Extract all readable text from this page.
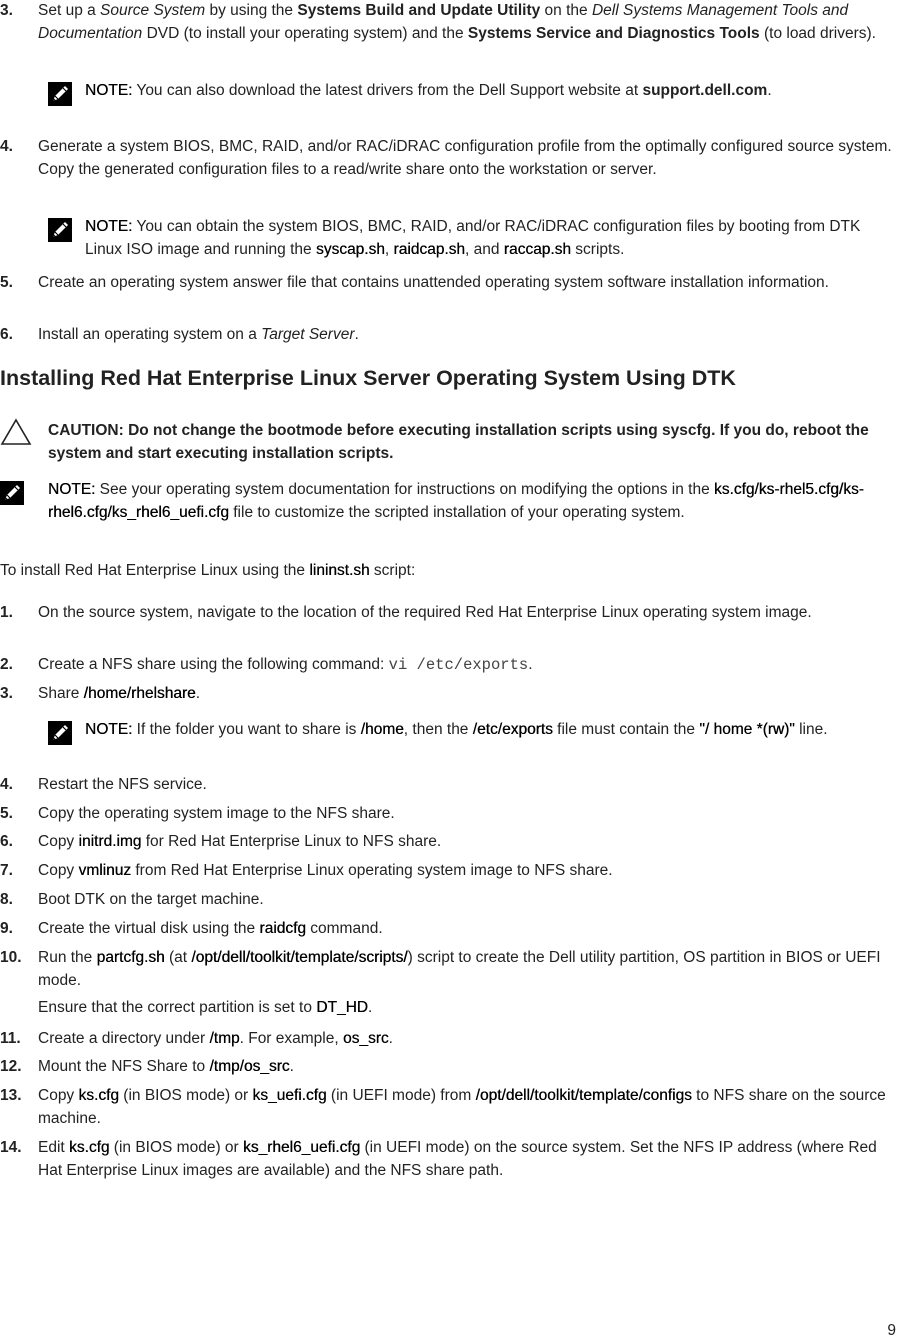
3. Set up a Source System by using the Systems Build and Update Utility on the Dell Systems Management Tools and Documentation DVD (to install your operating system) and the Systems Service and Diagnostics Tools (to load drivers).
NOTE: You can also download the latest drivers from the Dell Support website at support.dell.com.
4. Generate a system BIOS, BMC, RAID, and/or RAC/iDRAC configuration profile from the optimally configured source system. Copy the generated configuration files to a read/write share onto the workstation or server.
NOTE: You can obtain the system BIOS, BMC, RAID, and/or RAC/iDRAC configuration files by booting from DTK Linux ISO image and running the syscap.sh, raidcap.sh, and raccap.sh scripts.
5. Create an operating system answer file that contains unattended operating system software installation information.
6. Install an operating system on a Target Server.
Installing Red Hat Enterprise Linux Server Operating System Using DTK
CAUTION: Do not change the bootmode before executing installation scripts using syscfg. If you do, reboot the system and start executing installation scripts.
NOTE: See your operating system documentation for instructions on modifying the options in the ks.cfg/ks-rhel5.cfg/ks-rhel6.cfg/ks_rhel6_uefi.cfg file to customize the scripted installation of your operating system.
To install Red Hat Enterprise Linux using the lininst.sh script:
1. On the source system, navigate to the location of the required Red Hat Enterprise Linux operating system image.
2. Create a NFS share using the following command: vi /etc/exports.
3. Share /home/rhelshare.
NOTE: If the folder you want to share is /home, then the /etc/exports file must contain the "/ home *(rw)" line.
4. Restart the NFS service.
5. Copy the operating system image to the NFS share.
6. Copy initrd.img for Red Hat Enterprise Linux to NFS share.
7. Copy vmlinuz from Red Hat Enterprise Linux operating system image to NFS share.
8. Boot DTK on the target machine.
9. Create the virtual disk using the raidcfg command.
10. Run the partcfg.sh (at /opt/dell/toolkit/template/scripts/) script to create the Dell utility partition, OS partition in BIOS or UEFI mode.
Ensure that the correct partition is set to DT_HD.
11. Create a directory under /tmp. For example, os_src.
12. Mount the NFS Share to /tmp/os_src.
13. Copy ks.cfg (in BIOS mode) or ks_uefi.cfg (in UEFI mode) from /opt/dell/toolkit/template/configs to NFS share on the source machine.
14. Edit ks.cfg (in BIOS mode) or ks_rhel6_uefi.cfg (in UEFI mode) on the source system. Set the NFS IP address (where Red Hat Enterprise Linux images are available) and the NFS share path.
9
